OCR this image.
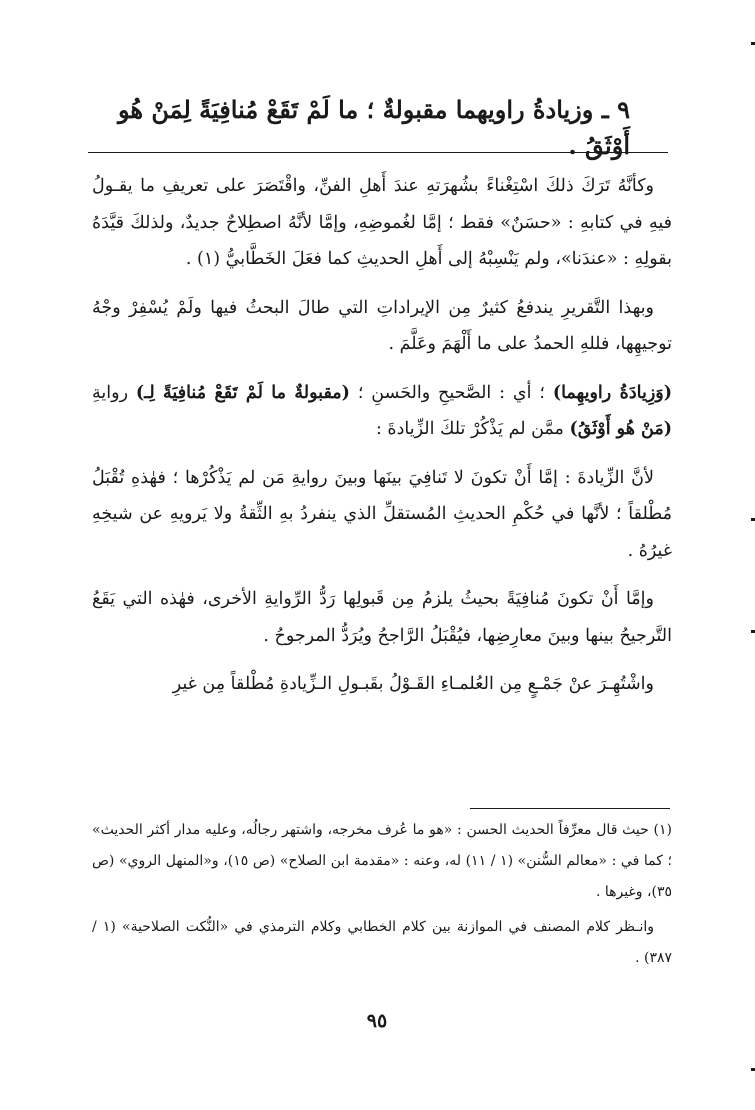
٩ ـ وزيادةُ راويهما مقبولةٌ ؛ ما لَمْ تَقَعْ مُنافِيَةً لِمَنْ هُو أَوْثَقُ .

وكأنَّهُ تَرَكَ ذلكَ اسْتِغْناءً بشُهرَتهِ عندَ أَهلِ الفنِّ، واقْتَصَرَ على تعريفِ ما يقـولُ فيهِ في كتابهِ : «حسَنٌ» فقط ؛ إمَّا لغُموضِهِ، وإمَّا لأنَّهُ اصطِلاحٌ جديدٌ، ولذلكَ قيَّدَهُ بقولِهِ : «عندَنا»، ولم يَنْسِبْهُ إلى أَهلِ الحديثِ كما فعَلَ الخَطَّابيُّ (١) .

وبهذا التَّقريرِ يندفعُ كثيرٌ مِن الإيراداتِ التي طالَ البحثُ فيها ولَمْ يُسْفِرْ وجْهُ توجيهِها، فللهِ الحمدُ على ما أَلْهَمَ وعَلَّمَ .

(وَزِيادَةُ راويهِما) ؛ أي : الصَّحيحِ والحَسنِ ؛ (مقبولةٌ ما لَمْ تَقَعْ مُنافِيَةً لِـ) روايةِ (مَنْ هُو أَوْثَقُ) ممَّن لم يَذْكُرْ تلكَ الزِّيادةَ :

لأنَّ الزِّيادةَ : إمَّا أَنْ تكونَ لا تَنافِيَ بينَها وبينَ روايةِ مَن لم يَذْكُرْها ؛ فهٰذهِ تُقْبَلُ مُطْلقاً ؛ لأنَّها في حُكْمِ الحديثِ المُستقلِّ الذي ينفردُ بهِ الثِّقةُ ولا يَرويهِ عن شيخِهِ غيرُهُ .

وإمَّا أَنْ تكونَ مُنافِيَةً بحيثُ يلزمُ مِن قَبولِها رَدُّ الرِّوايةِ الأخرى، فهٰذه التي يَقَعُ التَّرجيحُ بينها وبينَ معارِضِها، فيُقْبَلُ الرَّاجحُ ويُرَدُّ المرجوحُ .

واشْتُهِـرَ عنْ جَمْـعٍ مِن العُلمـاءِ القَـوْلُ بقَبـولِ الـزِّيادةِ مُطْلقاً مِن غيرِ

(١) حيث قال معرِّفاً الحديث الحسن : «هو ما عُرف مخرجه، واشتهر رجالُه، وعليه مدار أكثر الحديث» ؛ كما في : «معالم السُّنن» (١ / ١١) له، وعنه : «مقدمة ابن الصلاح» (ص ١٥)، و«المنهل الروي» (ص ٣٥)، وغيرها .

وانـظر كلام المصنف في الموازنة بين كلام الخطابي وكلام الترمذي في «النُّكت الصلاحية» (١ / ٣٨٧) .

٩٥
